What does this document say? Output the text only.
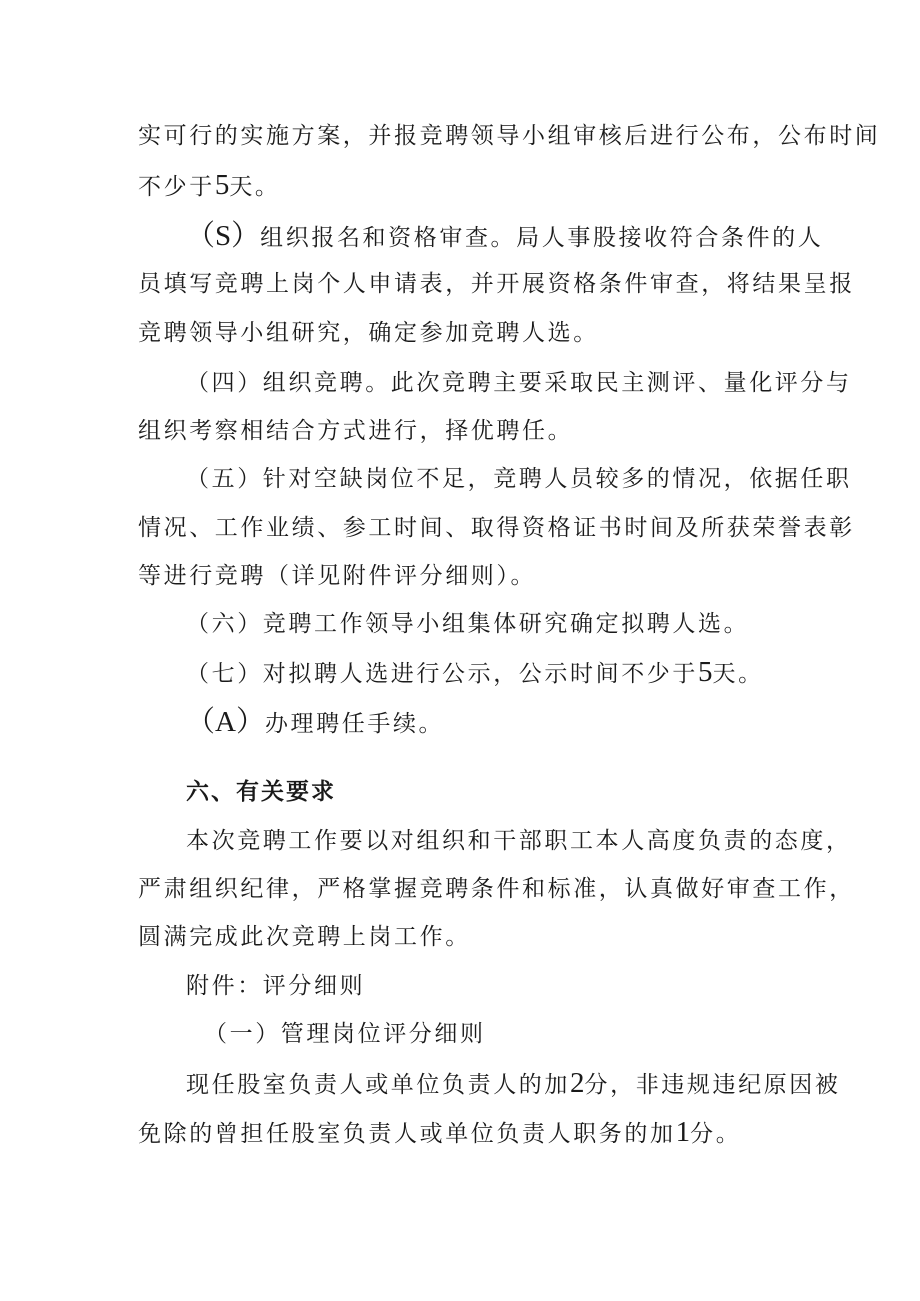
实可行的实施方案，并报竞聘领导小组审核后进行公布，公布时间
不少于5天。
（S）组织报名和资格审查。局人事股接收符合条件的人
员填写竞聘上岗个人申请表，并开展资格条件审查，将结果呈报
竞聘领导小组研究，确定参加竞聘人选。
（四）组织竞聘。此次竞聘主要采取民主测评、量化评分与
组织考察相结合方式进行，择优聘任。
（五）针对空缺岗位不足，竞聘人员较多的情况，依据任职
情况、工作业绩、参工时间、取得资格证书时间及所获荣誉表彰
等进行竞聘（详见附件评分细则）。
（六）竞聘工作领导小组集体研究确定拟聘人选。
（七）对拟聘人选进行公示，公示时间不少于5天。
（A）办理聘任手续。
六、有关要求
本次竞聘工作要以对组织和干部职工本人高度负责的态度，
严肃组织纪律，严格掌握竞聘条件和标准，认真做好审查工作，
圆满完成此次竞聘上岗工作。
附件：评分细则
（一）管理岗位评分细则
现任股室负责人或单位负责人的加2分，非违规违纪原因被
免除的曾担任股室负责人或单位负责人职务的加1分。
